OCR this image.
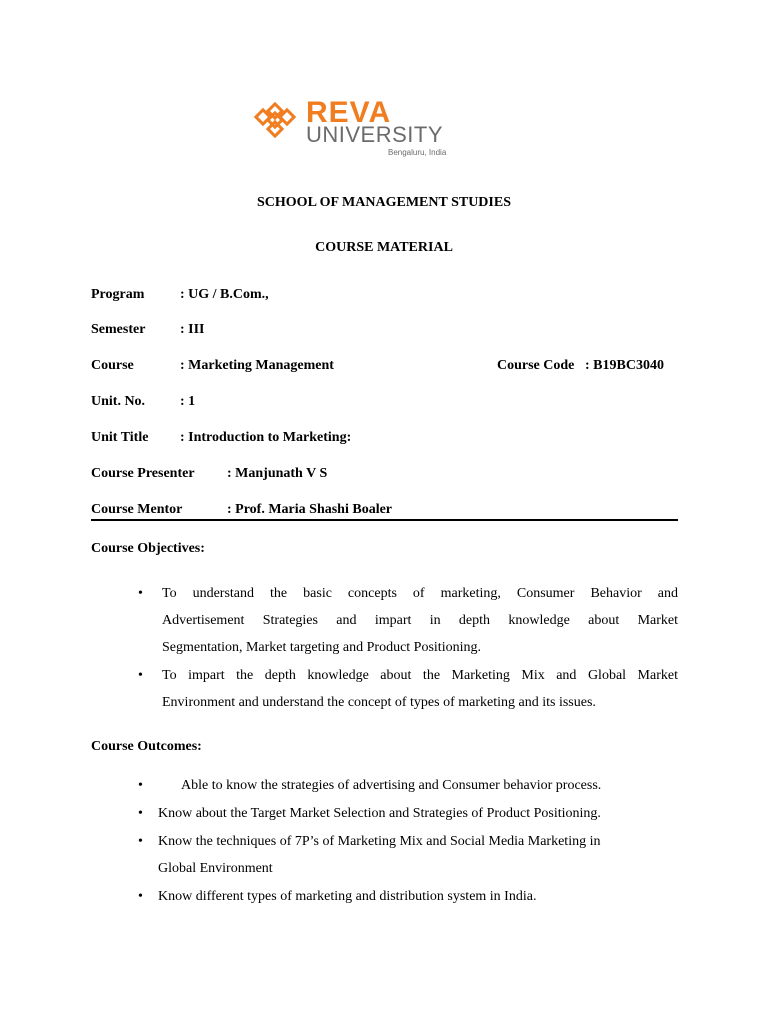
REVA
UNIVERSITY
Bengaluru, India
SCHOOL OF MANAGEMENT STUDIES
COURSE MATERIAL
Program	: UG / B.Com.,
Semester : III
Course	: Marketing Management	Course Code : B19BC3040
Unit. No. : 1
Unit Title : Introduction to Marketing:
Course Presenter : Manjunath V S
Course Mentor	: Prof. Maria Shashi Boaler
Course Objectives:
• To understand the basic concepts of marketing, Consumer Behavior and
Advertisement Strategies and impart in depth knowledge about Market
Segmentation, Market targeting and Product Positioning.
• To impart the depth knowledge about the Marketing Mix and Global Market
Environment and understand the concept of types of marketing and its issues.
Course Outcomes:
•	Able to know the strategies of advertising and Consumer behavior process.
• Know about the Target Market Selection and Strategies of Product Positioning.
• Know the techniques of 7P’s of Marketing Mix and Social Media Marketing in
Global Environment
• Know different types of marketing and distribution system in India.
